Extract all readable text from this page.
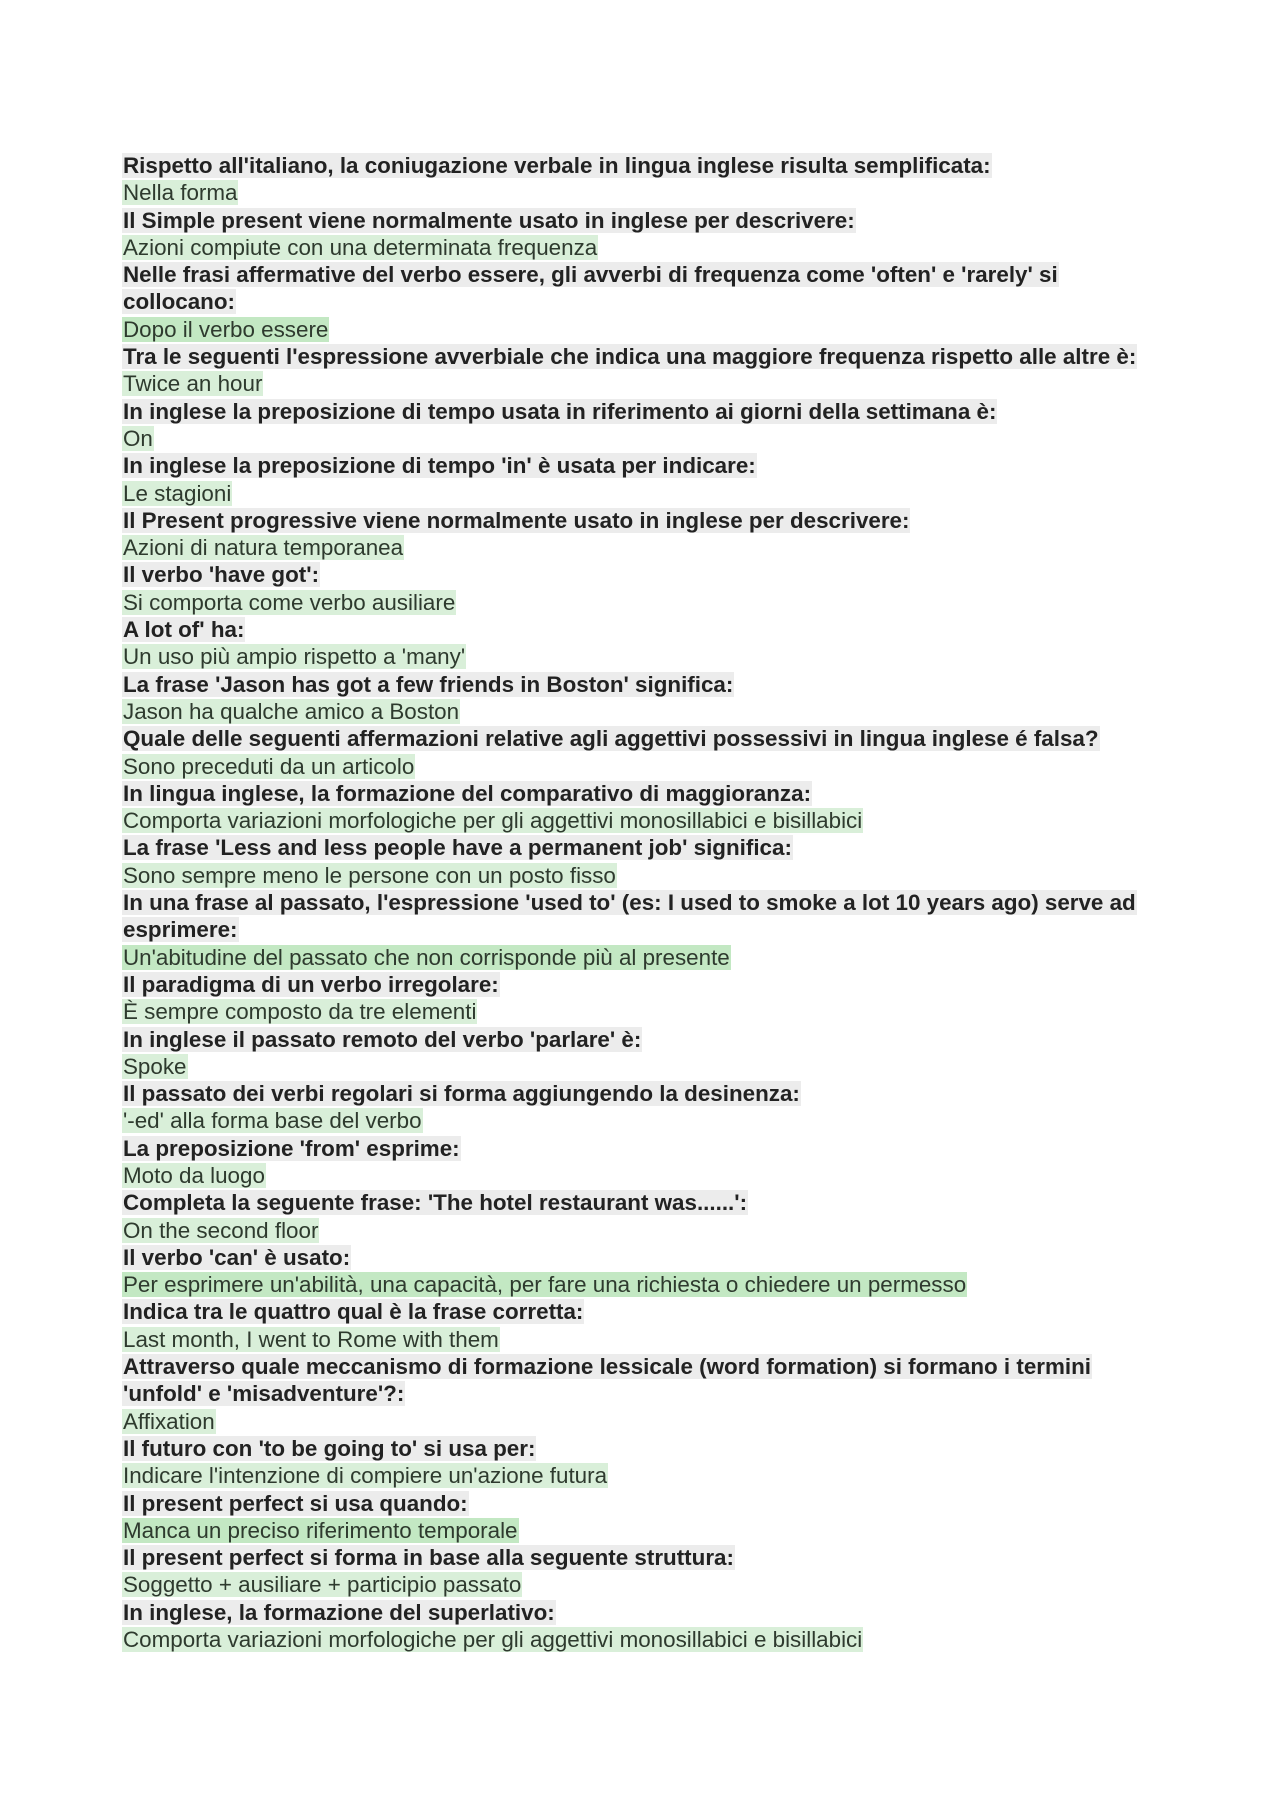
Rispetto all'italiano, la coniugazione verbale in lingua inglese risulta semplificata:

Nella forma

Il Simple present viene normalmente usato in inglese per descrivere:

Azioni compiute con una determinata frequenza

Nelle frasi affermative del verbo essere, gli avverbi di frequenza come 'often' e 'rarely' si collocano:

Dopo il verbo essere

Tra le seguenti l'espressione avverbiale che indica una maggiore frequenza rispetto alle altre è:

Twice an hour

In inglese la preposizione di tempo usata in riferimento ai giorni della settimana è:

On

In inglese la preposizione di tempo 'in' è usata per indicare:

Le stagioni

Il Present progressive viene normalmente usato in inglese per descrivere:

Azioni di natura temporanea

Il verbo 'have got':

Si comporta come verbo ausiliare

A lot of' ha:

Un uso più ampio rispetto a 'many'

La frase 'Jason has got a few friends in Boston' significa:

Jason ha qualche amico a Boston

Quale delle seguenti affermazioni relative agli aggettivi possessivi in lingua inglese é falsa?

Sono preceduti da un articolo

In lingua inglese, la formazione del comparativo di maggioranza:

Comporta variazioni morfologiche per gli aggettivi monosillabici e bisillabici

La frase 'Less and less people have a permanent job' significa:

Sono sempre meno le persone con un posto fisso

In una frase al passato, l'espressione 'used to' (es: I used to smoke a lot 10 years ago) serve ad esprimere:

Un'abitudine del passato che non corrisponde più al presente

Il paradigma di un verbo irregolare:

È sempre composto da tre elementi

In inglese il passato remoto del verbo 'parlare' è:

Spoke

Il passato dei verbi regolari si forma aggiungendo la desinenza:

'-ed' alla forma base del verbo

La preposizione 'from' esprime:

Moto da luogo

Completa la seguente frase: 'The hotel restaurant was......':

On the second floor

Il verbo 'can' è usato:

Per esprimere un'abilità, una capacità, per fare una richiesta o chiedere un permesso

Indica tra le quattro qual è la frase corretta:

Last month, I went to Rome with them

Attraverso quale meccanismo di formazione lessicale (word formation) si formano i termini 'unfold' e 'misadventure'?:

Affixation

Il futuro con 'to be going to' si usa per:

Indicare l'intenzione di compiere un'azione futura

Il present perfect si usa quando:

Manca un preciso riferimento temporale

Il present perfect si forma in base alla seguente struttura:

Soggetto + ausiliare + participio passato

In inglese, la formazione del superlativo:

Comporta variazioni morfologiche per gli aggettivi monosillabici e bisillabici
